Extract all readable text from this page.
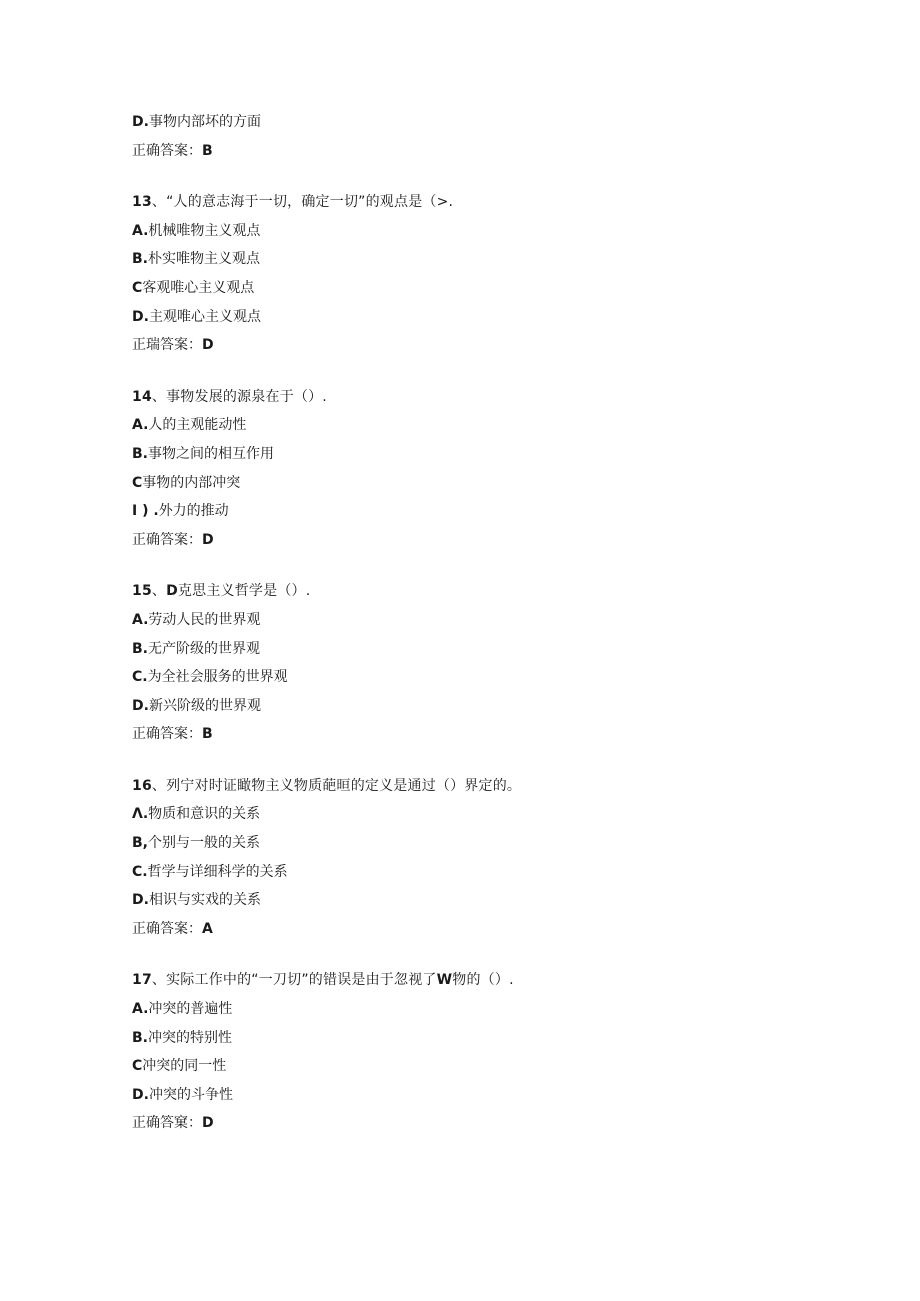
D.事物内部坏的方面
正确答案：B
13、“人的意志海于一切，确定一切”的观点是（>.
A.机械唯物主义观点
B.朴实唯物主义观点
C客观唯心主义观点
D.主观唯心主义观点
正瑞答案：D
14、事物发展的源泉在于（）.
A.人的主观能动性
B.事物之间的相互作用
C事物的内部冲突
I ) .外力的推动
正确答案：D
15、D克思主义哲学是（）.
A.劳动人民的世界观
B.无产阶级的世界观
C.为全社会服务的世界观
D.新兴阶级的世界观
正确答案：B
16、列宁对时证瞰物主义物质葩晅的定义是通过（）界定的。
Λ.物质和意识的关系
B,个别与一般的关系
C.哲学与详细科学的关系
D.相识与实戏的关系
正确答案：A
17、实际工作中的“一刀切”的错误是由于忽视了W物的（）.
A.冲突的普遍性
B.冲突的特别性
C冲突的同一性
D.冲突的斗争性
正确答窠：D
